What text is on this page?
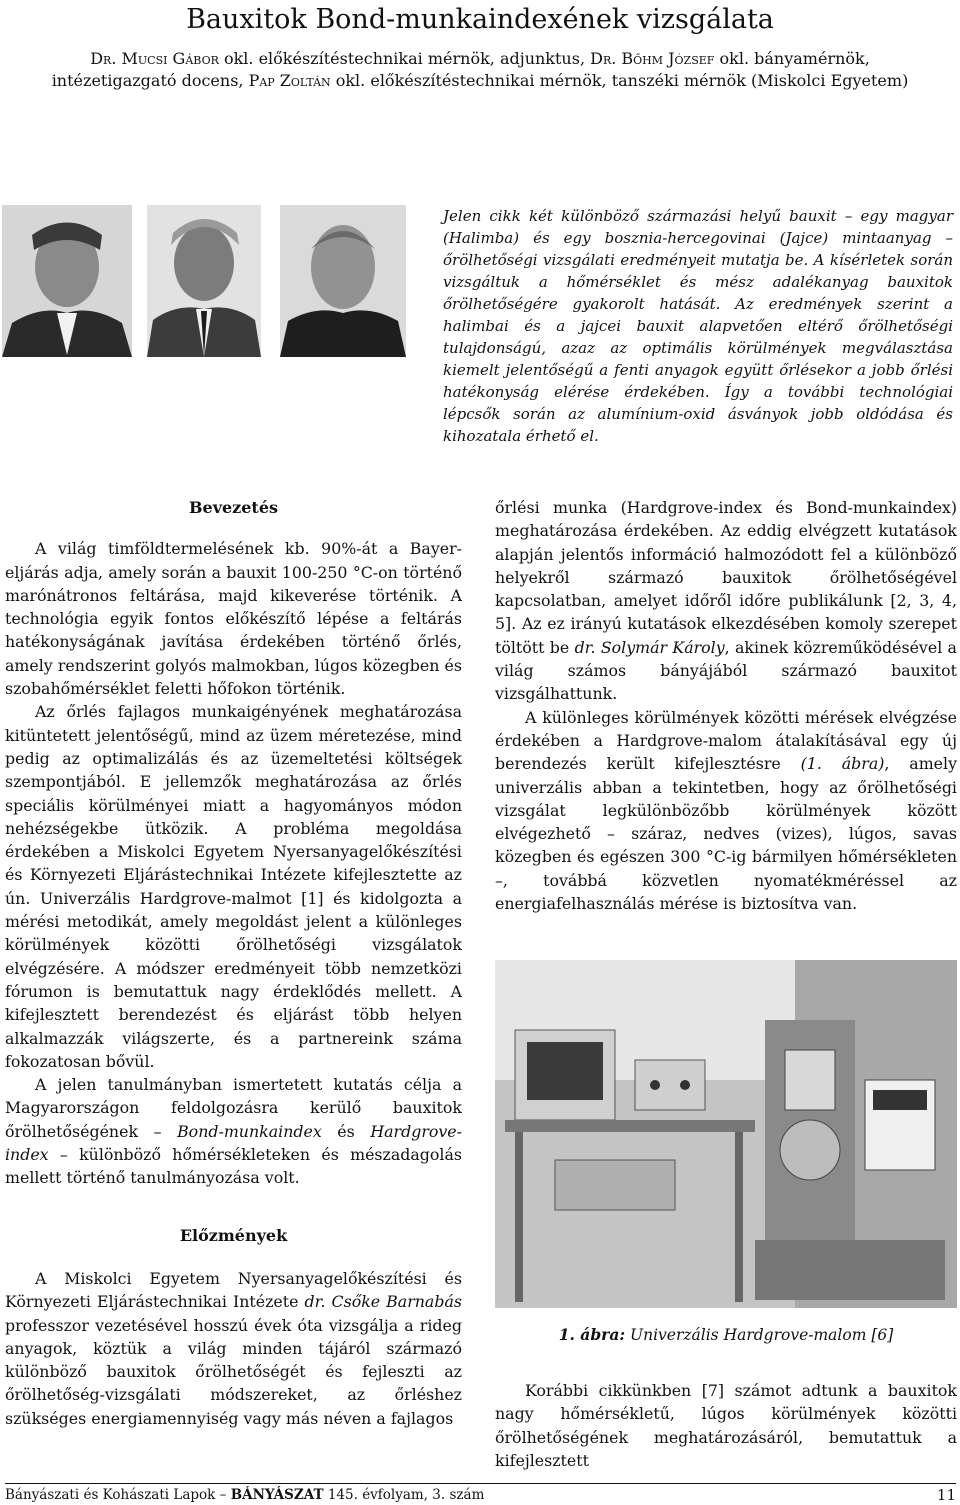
Bauxitok Bond-munkaindexének vizsgálata
Dr. Mucsi Gábor okl. előkészítéstechnikai mérnök, adjunktus, Dr. Bőhm József okl. bányamérnök,
intézetigazgató docens, Pap Zoltán okl. előkészítéstechnikai mérnök, tanszéki mérnök (Miskolci Egyetem)
Jelen cikk két különböző származási helyű bauxit – egy magyar (Halimba) és egy bosznia-hercegovinai (Jajce) mintaanyag – őrölhetőségi vizsgálati eredményeit mutatja be. A kísérletek során vizsgáltuk a hőmérséklet és mész adalékanyag bauxitok őrölhetőségére gyakorolt hatását. Az eredmények szerint a halimbai és a jajcei bauxit alapvetően eltérő őrölhetőségi tulajdonságú, azaz az optimális körülmények megválasztása kiemelt jelentőségű a fenti anyagok együtt őrlésekor a jobb őrlési hatékonyság elérése érdekében. Így a további technológiai lépcsők során az alumínium-oxid ásványok jobb oldódása és kihozatala érhető el.
Bevezetés

A világ timföldtermelésének kb. 90%-át a Bayer-eljárás adja, amely során a bauxit 100-250 °C-on történő marónátronos feltárása, majd kikeverése történik. A technológia egyik fontos előkészítő lépése a feltárás hatékonyságának javítása érdekében történő őrlés, amely rendszerint golyós malmokban, lúgos közegben és szobahőmérséklet feletti hőfokon történik.

Az őrlés fajlagos munkaigényének meghatározása kitüntetett jelentőségű, mind az üzem méretezése, mind pedig az optimalizálás és az üzemeltetési költségek szempontjából. E jellemzők meghatározása az őrlés speciális körülményei miatt a hagyományos módon nehézségekbe ütközik. A probléma megoldása érdekében a Miskolci Egyetem Nyersanyagelőkészítési és Környezeti Eljárástechnikai Intézete kifejlesztette az ún. Univerzális Hardgrove-malmot [1] és kidolgozta a mérési metodikát, amely megoldást jelent a különleges körülmények közötti őrölhetőségi vizsgálatok elvégzésére. A módszer eredményeit több nemzetközi fórumon is bemutattuk nagy érdeklődés mellett. A kifejlesztett berendezést és eljárást több helyen alkalmazzák világszerte, és a partnereink száma fokozatosan bővül.

A jelen tanulmányban ismertetett kutatás célja a Magyarországon feldolgozásra kerülő bauxitok őrölhetőségének – Bond-munkaindex és Hardgrove-index – különböző hőmérsékleteken és mészadagolás mellett történő tanulmányozása volt.

Előzmények

A Miskolci Egyetem Nyersanyagelőkészítési és Környezeti Eljárástechnikai Intézete dr. Csőke Barnabás professzor vezetésével hosszú évek óta vizsgálja a rideg anyagok, köztük a világ minden tájáról származó különböző bauxitok őrölhetőségét és fejleszti az őrölhetőség-vizsgálati módszereket, az őrléshez szükséges energiamennyiség vagy más néven a fajlagos

őrlési munka (Hardgrove-index és Bond-munkaindex) meghatározása érdekében. Az eddig elvégzett kutatások alapján jelentős információ halmozódott fel a különböző helyekről származó bauxitok őrölhetőségével kapcsolatban, amelyet időről időre publikálunk [2, 3, 4, 5]. Az ez irányú kutatások elkezdésében komoly szerepet töltött be dr. Solymár Károly, akinek közreműködésével a világ számos bányájából származó bauxitot vizsgálhattunk.

A különleges körülmények közötti mérések elvégzése érdekében a Hardgrove-malom átalakításával egy új berendezés került kifejlesztésre (1. ábra), amely univerzális abban a tekintetben, hogy az őrölhetőségi vizsgálat legkülönbözőbb körülmények között elvégezhető – száraz, nedves (vizes), lúgos, savas közegben és egészen 300 °C-ig bármilyen hőmérsékleten –, továbbá közvetlen nyomatékméréssel az energiafelhasználás mérése is biztosítva van.

1. ábra: Univerzális Hardgrove-malom [6]

Korábbi cikkünkben [7] számot adtunk a bauxitok nagy hőmérsékletű, lúgos körülmények közötti őrölhetőségének meghatározásáról, bemutattuk a kifejlesztett

Bányászati és Kohászati Lapok – BÁNYÁSZAT 145. évfolyam, 3. szám	11
